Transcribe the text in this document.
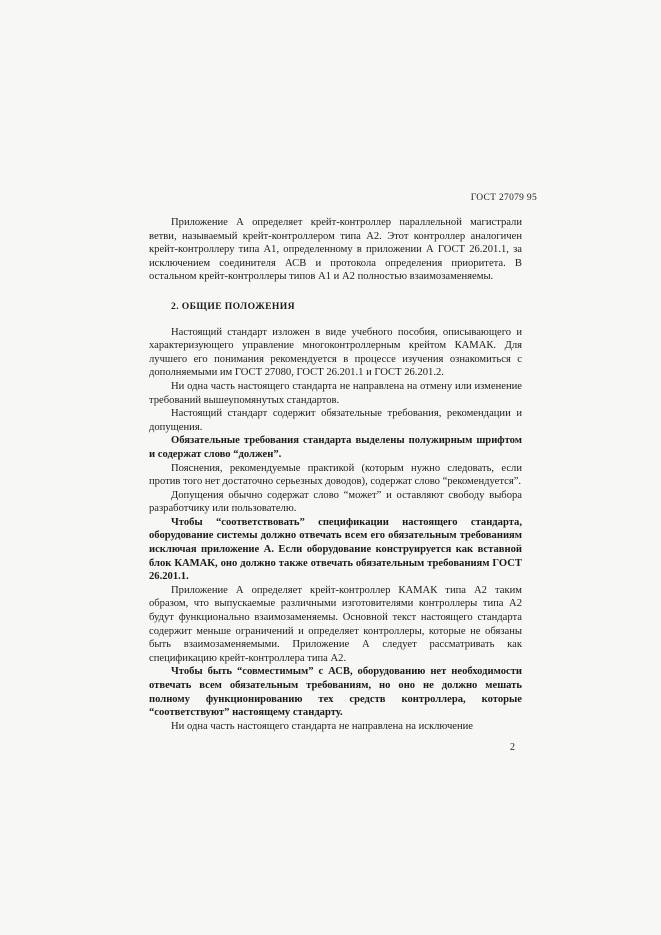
ГОСТ 27079 95

Приложение А определяет крейт-контроллер параллельной магистрали ветви, называемый крейт-контроллером типа А2. Этот контроллер аналогичен крейт-контроллеру типа А1, определенному в приложении А ГОСТ 26.201.1, за исключением соединителя АСВ и протокола определения приоритета. В остальном крейт-контроллеры типов А1 и А2 полностью взаимозаменяемы.

2. ОБЩИЕ ПОЛОЖЕНИЯ

Настоящий стандарт изложен в виде учебного пособия, описывающего и характеризующего управление многоконтроллерным крейтом КАМАК. Для лучшего его понимания рекомендуется в процессе изучения ознакомиться с дополняемыми им ГОСТ 27080, ГОСТ 26.201.1 и ГОСТ 26.201.2.

Ни одна часть настоящего стандарта не направлена на отмену или изменение требований вышеупомянутых стандартов.

Настоящий стандарт содержит обязательные требования, рекомендации и допущения.

Обязательные требования стандарта выделены полужирным шрифтом и содержат слово “должен”.

Пояснения, рекомендуемые практикой (которым нужно следовать, если против того нет достаточно серьезных доводов), содержат слово “рекомендуется”.

Допущения обычно содержат слово “может” и оставляют свободу выбора разработчику или пользователю.

Чтобы “соответствовать” спецификации настоящего стандарта, оборудование системы должно отвечать всем его обязательным требованиям исключая приложение А. Если оборудование конструируется как вставной блок КАМАК, оно должно также отвечать обязательным требованиям ГОСТ 26.201.1.

Приложение А определяет крейт-контроллер КАМАК типа А2 таким образом, что выпускаемые различными изготовителями контроллеры типа А2 будут функционально взаимозаменяемы. Основной текст настоящего стандарта содержит меньше ограничений и определяет контроллеры, которые не обязаны быть взаимозаменяемыми. Приложение А следует рассматривать как спецификацию крейт-контроллера типа А2.

Чтобы быть “совместимым” с АСВ, оборудованию нет необходимости отвечать всем обязательным требованиям, но оно не должно мешать полному функционированию тех средств контроллера, которые “соответствуют” настоящему стандарту.

Ни одна часть настоящего стандарта не направлена на исключение

2
